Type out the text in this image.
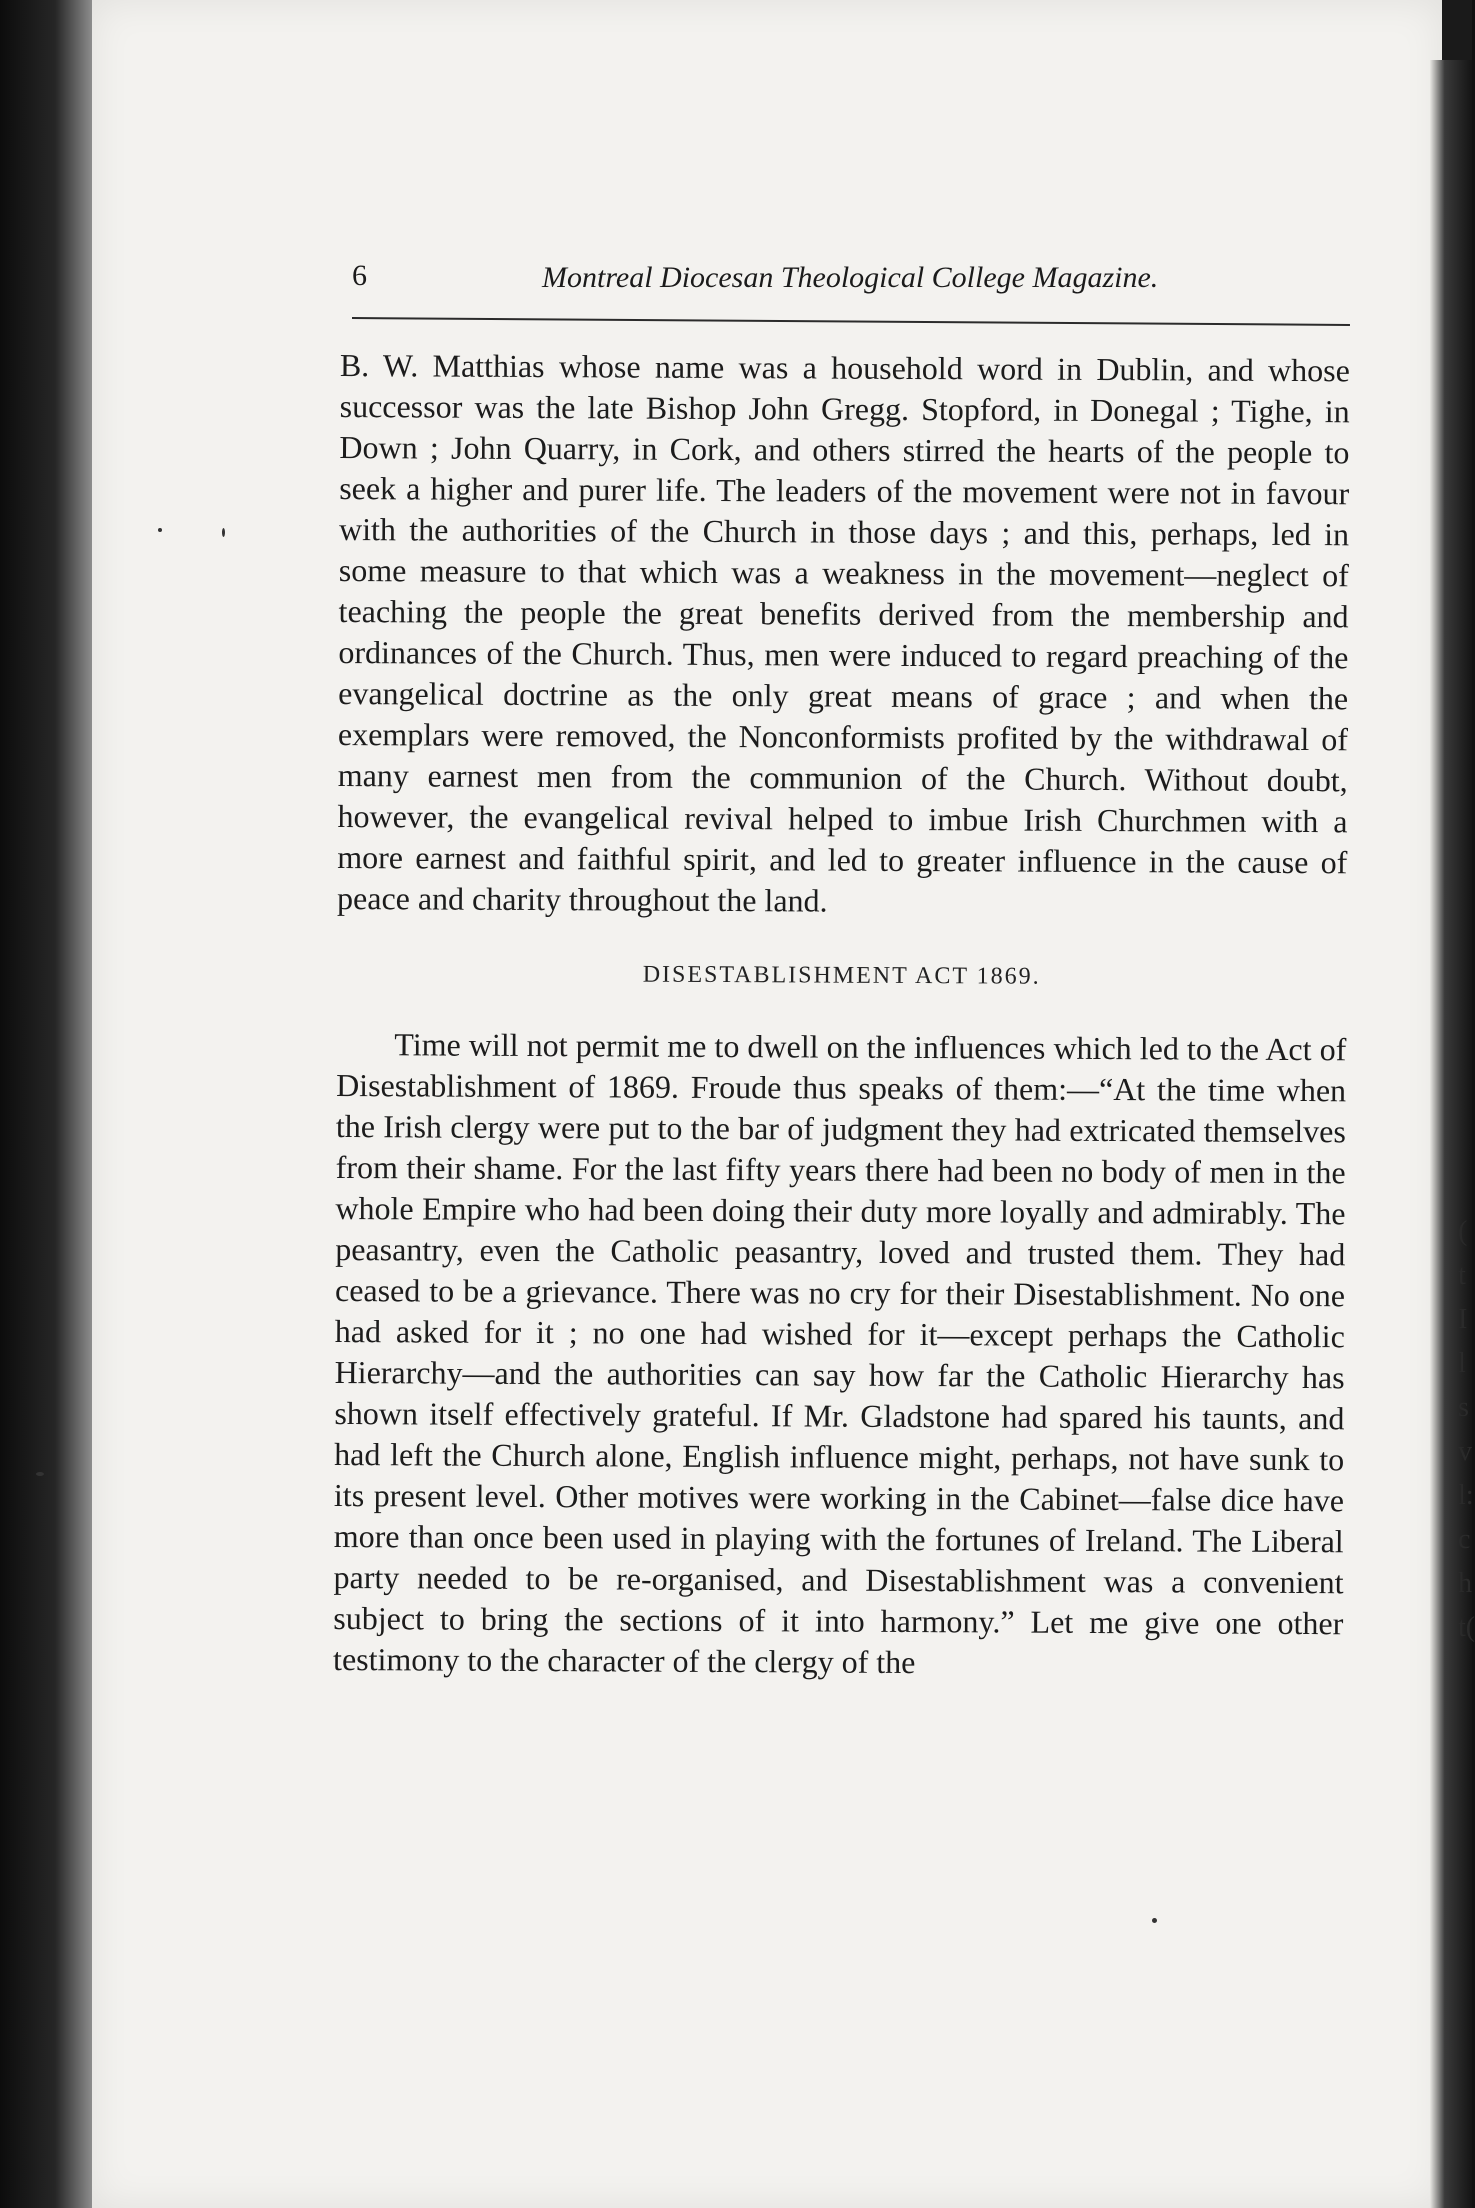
(
t
I
l
s
v
l:
c
h
t(
6	Montreal Diocesan Theological College Magazine.

B. W. Matthias whose name was a household word in Dublin, and whose successor was the late Bishop John Gregg. Stopford, in Donegal ; Tighe, in Down ; John Quarry, in Cork, and others stirred the hearts of the people to seek a higher and purer life. The leaders of the movement were not in favour with the authorities of the Church in those days ; and this, perhaps, led in some measure to that which was a weakness in the movement—neglect of teaching the people the great benefits derived from the membership and ordinances of the Church. Thus, men were induced to regard preaching of the evangelical doctrine as the only great means of grace ; and when the exemplars were removed, the Nonconformists profited by the withdrawal of many earnest men from the communion of the Church. Without doubt, however, the evangelical revival helped to imbue Irish Churchmen with a more earnest and faithful spirit, and led to greater influence in the cause of peace and charity throughout the land.

DISESTABLISHMENT ACT 1869.

Time will not permit me to dwell on the influences which led to the Act of Disestablishment of 1869. Froude thus speaks of them:—“At the time when the Irish clergy were put to the bar of judgment they had extricated themselves from their shame. For the last fifty years there had been no body of men in the whole Empire who had been doing their duty more loyally and admirably. The peasantry, even the Catholic peasantry, loved and trusted them. They had ceased to be a grievance. There was no cry for their Disestablishment. No one had asked for it ; no one had wished for it—except perhaps the Catholic Hierarchy—and the authorities can say how far the Catholic Hierarchy has shown itself effectively grateful. If Mr. Gladstone had spared his taunts, and had left the Church alone, English influence might, perhaps, not have sunk to its present level. Other motives were working in the Cabinet—false dice have more than once been used in playing with the fortunes of Ireland. The Liberal party needed to be re-organised, and Disestablishment was a convenient subject to bring the sections of it into harmony.” Let me give one other testimony to the character of the clergy of the
